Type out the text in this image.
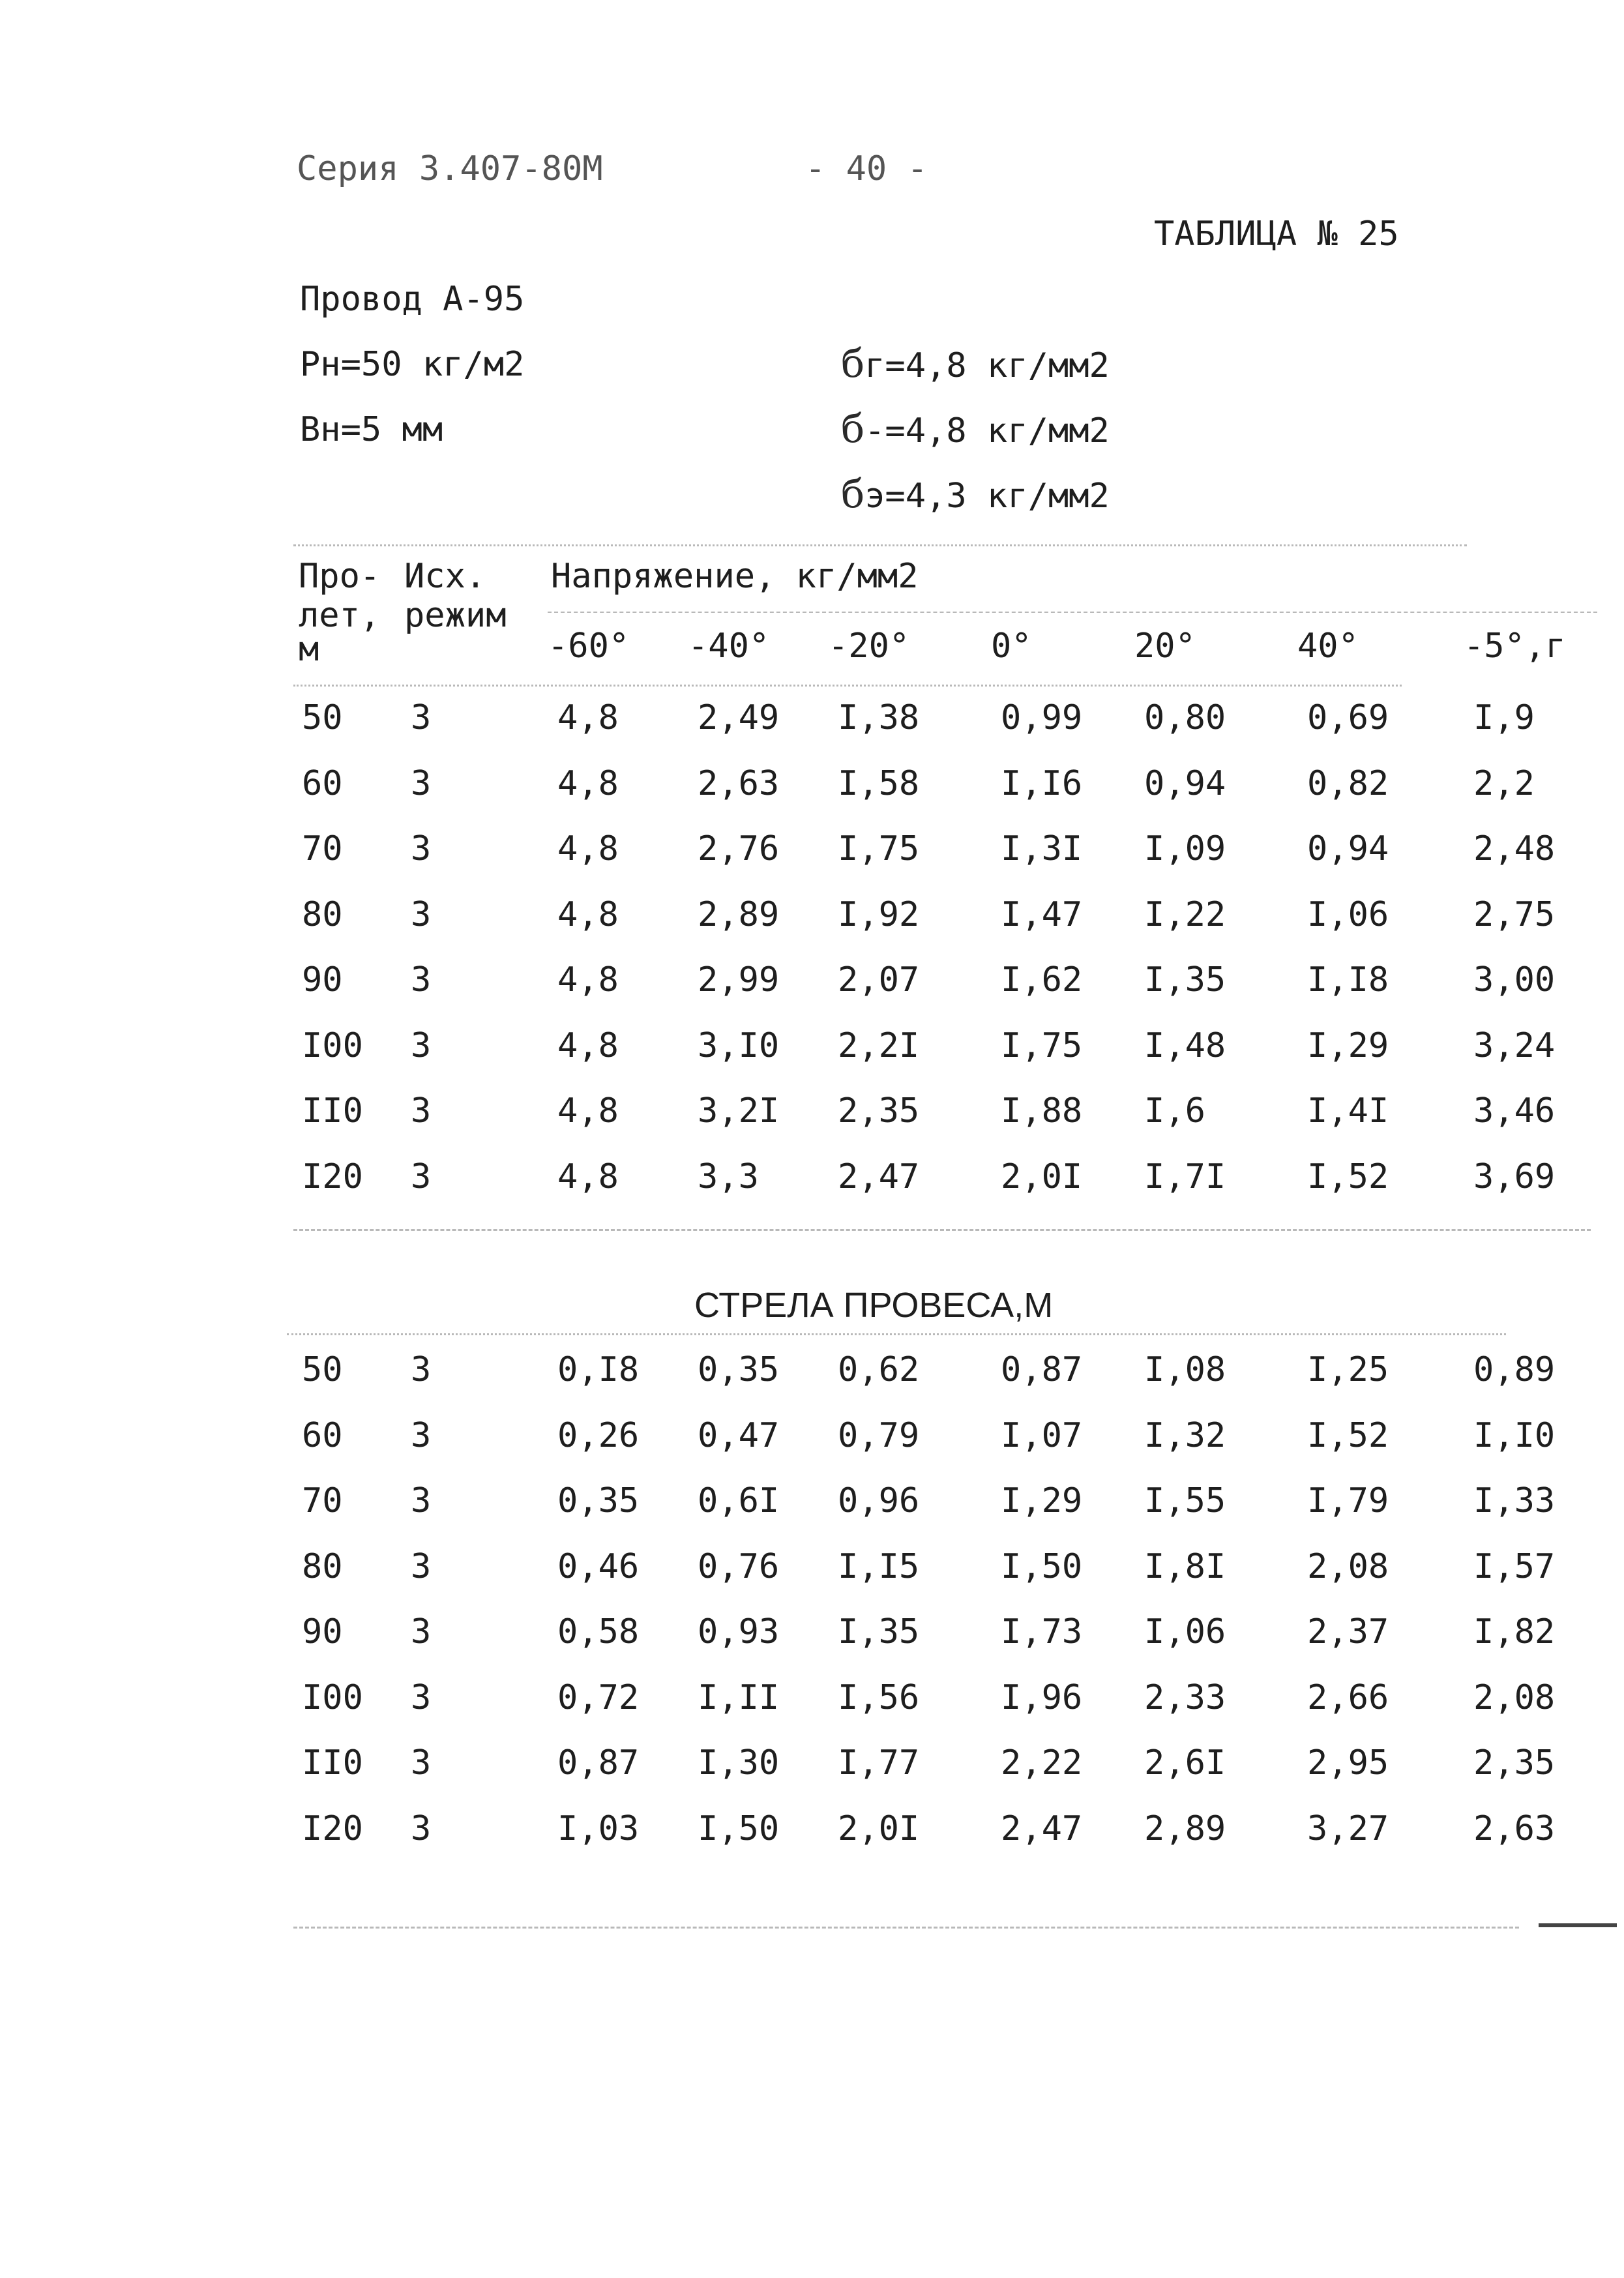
Серия 3.407-80М	- 40 -
ТАБЛИЦА № 25
Провод А-95
Рн=50 кг/м2
Вн=5 мм
бг=4,8 кг/мм2
б-=4,8 кг/мм2
бэ=4,3 кг/мм2
Про-
лет,
м
Исх.
режим
Напряжение, кг/мм2
-60° -40° -20° 0°	20°	40°	-5°,г
50 3	4,8 2,49 I,38 0,99 0,80 0,69 I,9
60 3	4,8 2,63 I,58 I,I6 0,94 0,82 2,2
70 3	4,8 2,76 I,75 I,3I I,09 0,94 2,48
80 3	4,8 2,89 I,92 I,47 I,22 I,06 2,75
90 3	4,8 2,99 2,07 I,62 I,35 I,I8 3,00
I00 3	4,8 3,I0 2,2I I,75 I,48 I,29 3,24
II0 3	4,8 3,2I 2,35 I,88 I,6	I,4I 3,46
I20 3	4,8 3,3 2,47 2,0I I,7I I,52 3,69
СТРЕЛА ПРОВЕСА,М
50 3	0,I8 0,35 0,62 0,87 I,08 I,25 0,89
60 3	0,26 0,47 0,79 I,07 I,32 I,52 I,I0
70 3	0,35 0,6I 0,96 I,29 I,55 I,79 I,33
80 3	0,46 0,76 I,I5 I,50 I,8I 2,08 I,57
90 3	0,58 0,93 I,35 I,73 I,06 2,37 I,82
I00 3	0,72 I,II I,56 I,96 2,33 2,66 2,08
II0 3	0,87 I,30 I,77 2,22 2,6I 2,95 2,35
I20 3	I,03 I,50 2,0I 2,47 2,89 3,27 2,63
